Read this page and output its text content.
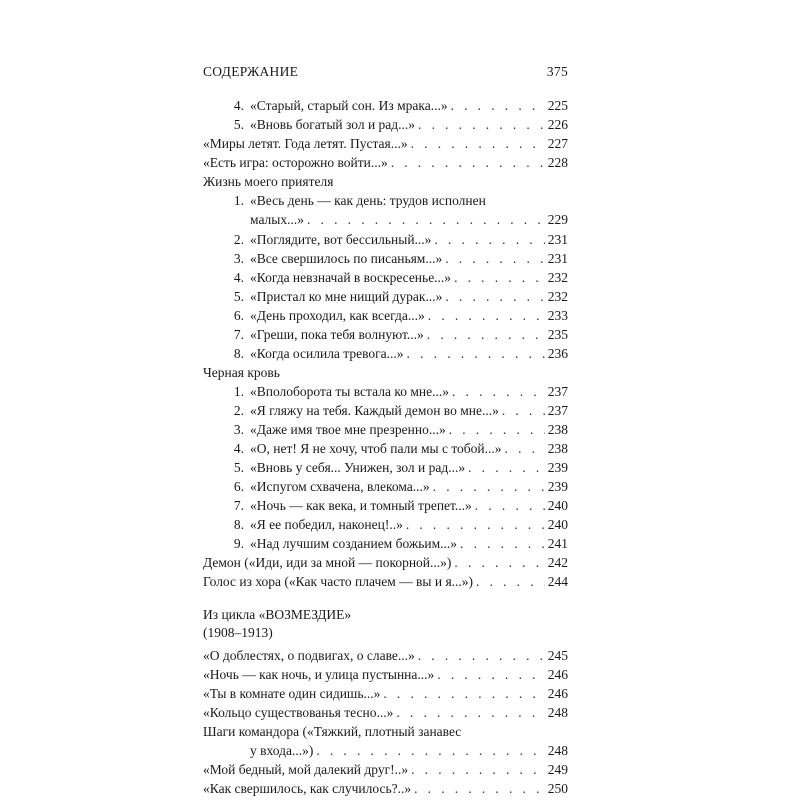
СОДЕРЖАНИЕ	375
4. «Старый, старый сон. Из мрака...» . . .	225
5. «Вновь богатый зол и рад...» . . .	226
«Миры летят. Года летят. Пустая...» . . .	227
«Есть игра: осторожно войти...» . . .	228
Жизнь моего приятеля
1. «Весь день — как день: трудов исполнен
малых...» . . .	229
2. «Поглядите, вот бессильный...» . . .	231
3. «Все свершилось по писаньям...» . . .	231
4. «Когда невзначай в воскресенье...» . . .	232
5. «Пристал ко мне нищий дурак...» . . .	232
6. «День проходил, как всегда...» . . .	233
7. «Греши, пока тебя волнуют...» . . .	235
8. «Когда осилила тревога...» . . .	236
Черная кровь
1. «Вполоборота ты встала ко мне...» . . .	237
2. «Я гляжу на тебя. Каждый демон во мне...» . . .	237
3. «Даже имя твое мне презренно...» . . .	238
4. «О, нет! Я не хочу, чтоб пали мы с тобой...» . . .	238
5. «Вновь у себя... Унижен, зол и рад...» . . .	239
6. «Испугом схвачена, влекома...» . . .	239
7. «Ночь — как века, и томный трепет...» . . .	240
8. «Я ее победил, наконец!..» . . .	240
9. «Над лучшим созданием божьим...» . . .	241
Демон («Иди, иди за мной — покорной...») . . .	242
Голос из хора («Как часто плачем — вы и я...») . . .	244
Из цикла «ВОЗМЕЗДИЕ»
(1908–1913)
«О доблестях, о подвигах, о славе...» . . .	245
«Ночь — как ночь, и улица пустынна...» . . .	246
«Ты в комнате один сидишь...» . . .	246
«Кольцо существованья тесно...» . . .	248
Шаги командора («Тяжкий, плотный занавес
у входа...») . . .	248
«Мой бедный, мой далекий друг!..» . . .	249
«Как свершилось, как случилось?..» . . .	250
